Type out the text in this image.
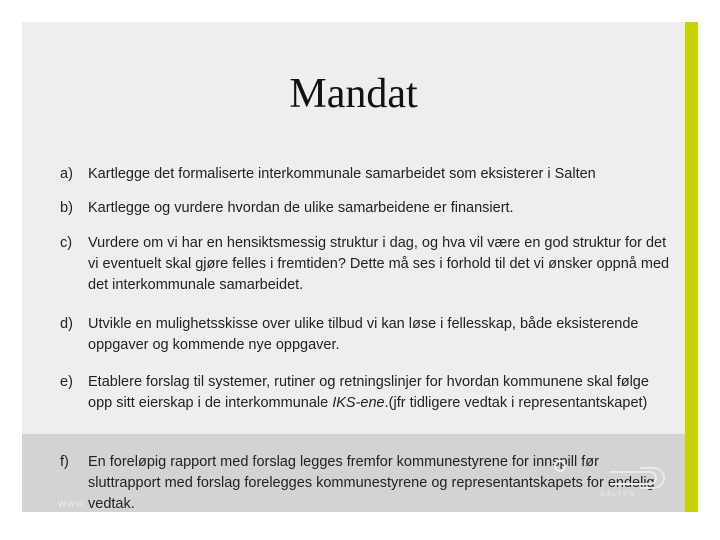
Mandat
a)	Kartlegge det formaliserte interkommunale samarbeidet som eksisterer i Salten
b)	Kartlegge og vurdere hvordan de ulike samarbeidene er finansiert.
c)	Vurdere om vi har en hensiktsmessig struktur i dag, og hva vil være en god struktur for det vi eventuelt skal gjøre felles i fremtiden? Dette må ses i forhold til det vi ønsker oppnå med det interkommunale samarbeidet.
d)	Utvikle en mulighetsskisse over ulike tilbud vi kan løse i fellesskap, både eksisterende oppgaver og kommende nye oppgaver.
e)	Etablere forslag til systemer, rutiner og retningslinjer for hvordan kommunene skal følge opp sitt eierskap i de interkommunale IKS-ene.(jfr tidligere vedtak i representantskapet)
f)	En foreløpig rapport med forslag legges fremfor kommunestyrene for innspill før sluttrapport med forslag forelegges kommunestyrene og representantskapets for endelig vedtak.
www.
SALTEN
